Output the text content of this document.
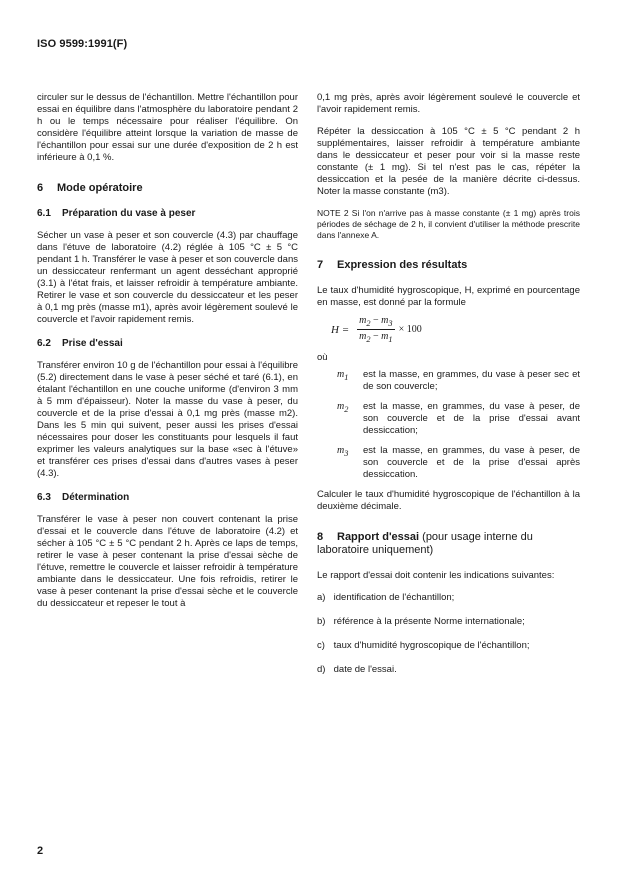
ISO 9599:1991(F)

circuler sur le dessus de l'échantillon. Mettre l'échantillon pour essai en équilibre dans l'atmosphère du laboratoire pendant 2 h ou le temps nécessaire pour réaliser l'équilibre. On considère l'équilibre atteint lorsque la variation de masse de l'échantillon pour essai sur une durée d'exposition de 2 h est inférieure à 0,1 %.

6 Mode opératoire
6.1 Préparation du vase à peser

Sécher un vase à peser et son couvercle (4.3) par chauffage dans l'étuve de laboratoire (4.2) réglée à 105 °C ± 5 °C pendant 1 h. Transférer le vase à peser et son couvercle dans un dessiccateur renfermant un agent desséchant approprié (3.1) à l'état frais, et laisser refroidir à température ambiante. Retirer le vase et son couvercle du dessiccateur et les peser à 0,1 mg près (masse m1), après avoir légèrement soulevé le couvercle et l'avoir rapidement remis.

6.2 Prise d'essai

Transférer environ 10 g de l'échantillon pour essai à l'équilibre (5.2) directement dans le vase à peser séché et taré (6.1), en étalant l'échantillon en une couche uniforme (d'environ 3 mm à 5 mm d'épaisseur). Noter la masse du vase à peser, du couvercle et de la prise d'essai à 0,1 mg près (masse m2). Dans les 5 min qui suivent, peser aussi les prises d'essai nécessaires pour doser les constituants pour lesquels il faut exprimer les valeurs analytiques sur la base «sec à l'étuve» et transférer ces prises d'essai dans d'autres vases à peser (4.3).

6.3 Détermination

Transférer le vase à peser non couvert contenant la prise d'essai et le couvercle dans l'étuve de laboratoire (4.2) et sécher à 105 °C ± 5 °C pendant 2 h. Après ce laps de temps, retirer le vase à peser contenant la prise d'essai sèche de l'étuve, remettre le couvercle et laisser refroidir à température ambiante dans le dessiccateur. Une fois refroidis, retirer le vase à peser contenant la prise d'essai sèche et le couvercle du dessiccateur et repeser le tout à

0,1 mg près, après avoir légèrement soulevé le couvercle et l'avoir rapidement remis.

Répéter la dessiccation à 105 °C ± 5 °C pendant 2 h supplémentaires, laisser refroidir à température ambiante dans le dessiccateur et peser pour voir si la masse reste constante (± 1 mg). Si tel n'est pas le cas, répéter la dessiccation et la pesée de la manière décrite ci-dessus. Noter la masse constante (m3).

NOTE 2 Si l'on n'arrive pas à masse constante (± 1 mg) après trois périodes de séchage de 2 h, il convient d'utiliser la méthode prescrite dans l'annexe A.

7 Expression des résultats

Le taux d'humidité hygroscopique, H, exprimé en pourcentage en masse, est donné par la formule

$H = \frac{m_2 - m_3}{m_2 - m_1} \times 100$
où
$m_1$	est la masse, en grammes, du vase à peser sec et de son couvercle;

$m_2$	est la masse, en grammes, du vase à peser, de son couvercle et de la prise d'essai avant dessiccation;

$m_3$	est la masse, en grammes, du vase à peser, de son couvercle et de la prise d'essai après dessiccation.

Calculer le taux d'humidité hygroscopique de l'échantillon à la deuxième décimale.

8 Rapport d'essai (pour usage interne du laboratoire uniquement)

Le rapport d'essai doit contenir les indications suivantes:

a) identification de l'échantillon;
b) référence à la présente Norme internationale;
c) taux d'humidité hygroscopique de l'échantillon;
d) date de l'essai.
2
